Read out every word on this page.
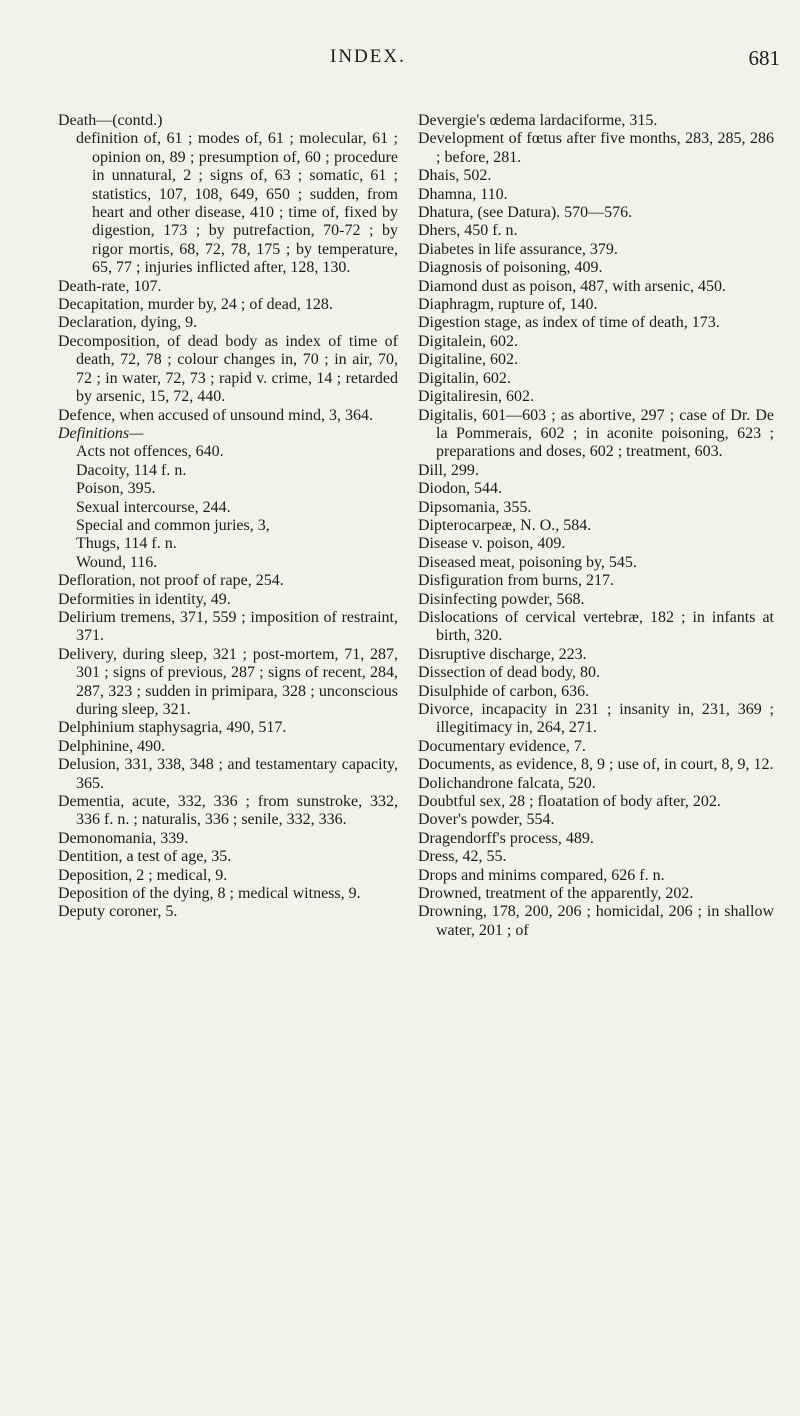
INDEX.	681

Death—(contd.)

definition of, 61 ; modes of, 61 ; molecular, 61 ; opinion on, 89 ; presumption of, 60 ; procedure in unnatural, 2 ; signs of, 63 ; somatic, 61 ; statistics, 107, 108, 649, 650 ; sudden, from heart and other disease, 410 ; time of, fixed by digestion, 173 ; by putrefaction, 70-72 ; by rigor mortis, 68, 72, 78, 175 ; by temperature, 65, 77 ; injuries inflicted after, 128, 130.

Death-rate, 107.

Decapitation, murder by, 24 ; of dead, 128.

Declaration, dying, 9.

Decomposition, of dead body as index of time of death, 72, 78 ; colour changes in, 70 ; in air, 70, 72 ; in water, 72, 73 ; rapid v. crime, 14 ; retarded by arsenic, 15, 72, 440.

Defence, when accused of unsound mind, 3, 364.

Definitions—

Acts not offences, 640.

Dacoity, 114 f. n.

Poison, 395.

Sexual intercourse, 244.

Special and common juries, 3,

Thugs, 114 f. n.

Wound, 116.

Defloration, not proof of rape, 254.

Deformities in identity, 49.

Delirium tremens, 371, 559 ; imposition of restraint, 371.

Delivery, during sleep, 321 ; post-mortem, 71, 287, 301 ; signs of previous, 287 ; signs of recent, 284, 287, 323 ; sudden in primipara, 328 ; unconscious during sleep, 321.

Delphinium staphysagria, 490, 517.

Delphinine, 490.

Delusion, 331, 338, 348 ; and testamentary capacity, 365.

Dementia, acute, 332, 336 ; from sunstroke, 332, 336 f. n. ; naturalis, 336 ; senile, 332, 336.

Demonomania, 339.

Dentition, a test of age, 35.

Deposition, 2 ; medical, 9.

Deposition of the dying, 8 ; medical witness, 9.

Deputy coroner, 5.

Devergie's œdema lardaciforme, 315.

Development of fœtus after five months, 283, 285, 286 ; before, 281.

Dhais, 502.

Dhamna, 110.

Dhatura, (see Datura). 570—576.

Dhers, 450 f. n.

Diabetes in life assurance, 379.

Diagnosis of poisoning, 409.

Diamond dust as poison, 487, with arsenic, 450.

Diaphragm, rupture of, 140.

Digestion stage, as index of time of death, 173.

Digitalein, 602.

Digitaline, 602.

Digitalin, 602.

Digitaliresin, 602.

Digitalis, 601—603 ; as abortive, 297 ; case of Dr. De la Pommerais, 602 ; in aconite poisoning, 623 ; preparations and doses, 602 ; treatment, 603.

Dill, 299.

Diodon, 544.

Dipsomania, 355.

Dipterocarpeæ, N. O., 584.

Disease v. poison, 409.

Diseased meat, poisoning by, 545.

Disfiguration from burns, 217.

Disinfecting powder, 568.

Dislocations of cervical vertebræ, 182 ; in infants at birth, 320.

Disruptive discharge, 223.

Dissection of dead body, 80.

Disulphide of carbon, 636.

Divorce, incapacity in 231 ; insanity in, 231, 369 ; illegitimacy in, 264, 271.

Documentary evidence, 7.

Documents, as evidence, 8, 9 ; use of, in court, 8, 9, 12.

Dolichandrone falcata, 520.

Doubtful sex, 28 ; floatation of body after, 202.

Dover's powder, 554.

Dragendorff's process, 489.

Dress, 42, 55.

Drops and minims compared, 626 f. n.

Drowned, treatment of the apparently, 202.

Drowning, 178, 200, 206 ; homicidal, 206 ; in shallow water, 201 ; of
